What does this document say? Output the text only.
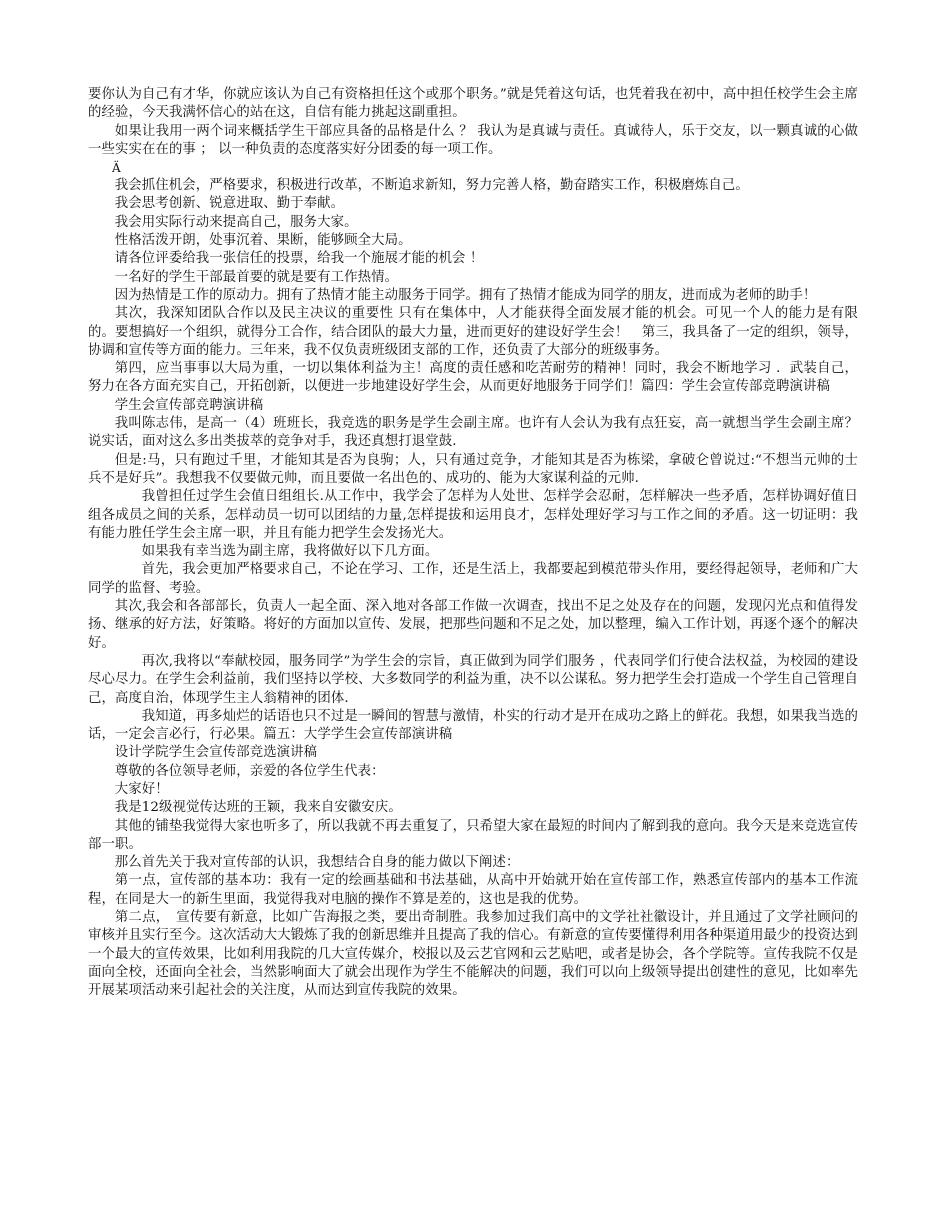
要你认为自己有才华，你就应该认为自己有资格担任这个或那个职务。”就是凭着这句话，也凭着我在初中，高中担任校学生会主席的经验，今天我满怀信心的站在这，自信有能力挑起这副重担。

如果让我用一两个词来概括学生干部应具备的品格是什么 ？ 我认为是真诚与责任。真诚待人，乐于交友，以一颗真诚的心做一些实实在在的事 ； 以一种负责的态度落实好分团委的每一项工作。

Ä

我会抓住机会，严格要求，积极进行改革，不断追求新知，努力完善人格，勤奋踏实工作，积极磨炼自己。

我会思考创新、锐意进取、勤于奉献。

我会用实际行动来提高自己，服务大家。

性格活泼开朗，处事沉着、果断，能够顾全大局。

请各位评委给我一张信任的投票，给我一个施展才能的机会 ！

一名好的学生干部最首要的就是要有工作热情。

因为热情是工作的原动力。拥有了热情才能主动服务于同学。拥有了热情才能成为同学的朋友，进而成为老师的助手！

其次，我深知团队合作以及民主决议的重要性 只有在集体中，人才能获得全面发展才能的机会。可见一个人的能力是有限的。要想搞好一个组织，就得分工合作，结合团队的最大力量，进而更好的建设好学生会！　第三，我具备了一定的组织，领导，协调和宣传等方面的能力。三年来，我不仅负责班级团支部的工作，还负责了大部分的班级事务。

第四，应当事事以大局为重，一切以集体利益为主！高度的责任感和吃苦耐劳的精神！同时，我会不断地学习 ．武装自己，努力在各方面充实自己，开拓创新，以便进一步地建设好学生会，从而更好地服务于同学们！篇四：学生会宣传部竞聘演讲稿

学生会宣传部竞聘演讲稿

我叫陈志伟，是高一（4）班班长，我竞选的职务是学生会副主席。也许有人会认为我有点狂妄，高一就想当学生会副主席？说实话，面对这么多出类拔萃的竞争对手，我还真想打退堂鼓.

但是:马，只有跑过千里，才能知其是否为良驹；人，只有通过竞争，才能知其是否为栋梁，拿破仑曾说过:“不想当元帅的士兵不是好兵”。我想我不仅要做元帅，而且要做一名出色的、成功的、能为大家谋利益的元帅.

我曾担任过学生会值日组组长.从工作中，我学会了怎样为人处世、怎样学会忍耐，怎样解决一些矛盾，怎样协调好值日组各成员之间的关系，怎样动员一切可以团结的力量,怎样提拔和运用良才，怎样处理好学习与工作之间的矛盾。这一切证明：我有能力胜任学生会主席一职，并且有能力把学生会发扬光大。

如果我有幸当选为副主席，我将做好以下几方面。

首先，我会更加严格要求自己，不论在学习、工作，还是生活上，我都要起到模范带头作用，要经得起领导，老师和广大同学的监督、考验。

其次,我会和各部部长，负责人一起全面、深入地对各部工作做一次调查，找出不足之处及存在的问题，发现闪光点和值得发扬、继承的好方法，好策略。将好的方面加以宣传、发展，把那些问题和不足之处，加以整理，编入工作计划，再逐个逐个的解决好。

再次,我将以“奉献校园，服务同学”为学生会的宗旨，真正做到为同学们服务 ，代表同学们行使合法权益，为校园的建设尽心尽力。在学生会利益前，我们坚持以学校、大多数同学的利益为重，决不以公谋私。努力把学生会打造成一个学生自己管理自己，高度自治，体现学生主人翁精神的团体.

我知道，再多灿烂的话语也只不过是一瞬间的智慧与激情，朴实的行动才是开在成功之路上的鲜花。我想，如果我当选的话，一定会言必行，行必果。篇五：大学学生会宣传部演讲稿

设计学院学生会宣传部竞选演讲稿

尊敬的各位领导老师，亲爱的各位学生代表：

大家好！

我是12级视觉传达班的王颖，我来自安徽安庆。

其他的铺垫我觉得大家也听多了，所以我就不再去重复了，只希望大家在最短的时间内了解到我的意向。我今天是来竞选宣传部一职。

那么首先关于我对宣传部的认识，我想结合自身的能力做以下阐述：

第一点，宣传部的基本功：我有一定的绘画基础和书法基础，从高中开始就开始在宣传部工作，熟悉宣传部内的基本工作流程，在同是大一的新生里面，我觉得我对电脑的操作不算是差的，这也是我的优势。

第二点，　宣传要有新意，比如广告海报之类，要出奇制胜。我参加过我们高中的文学社社徽设计，并且通过了文学社顾问的审核并且实行至今。这次活动大大锻炼了我的创新思维并且提高了我的信心。有新意的宣传要懂得利用各种渠道用最少的投资达到一个最大的宣传效果，比如利用我院的几大宣传媒介，校报以及云艺官网和云艺贴吧，或者是协会，各个学院等。宣传我院不仅是面向全校，还面向全社会，当然影响面大了就会出现作为学生不能解决的问题，我们可以向上级领导提出创建性的意见，比如率先开展某项活动来引起社会的关注度，从而达到宣传我院的效果。
